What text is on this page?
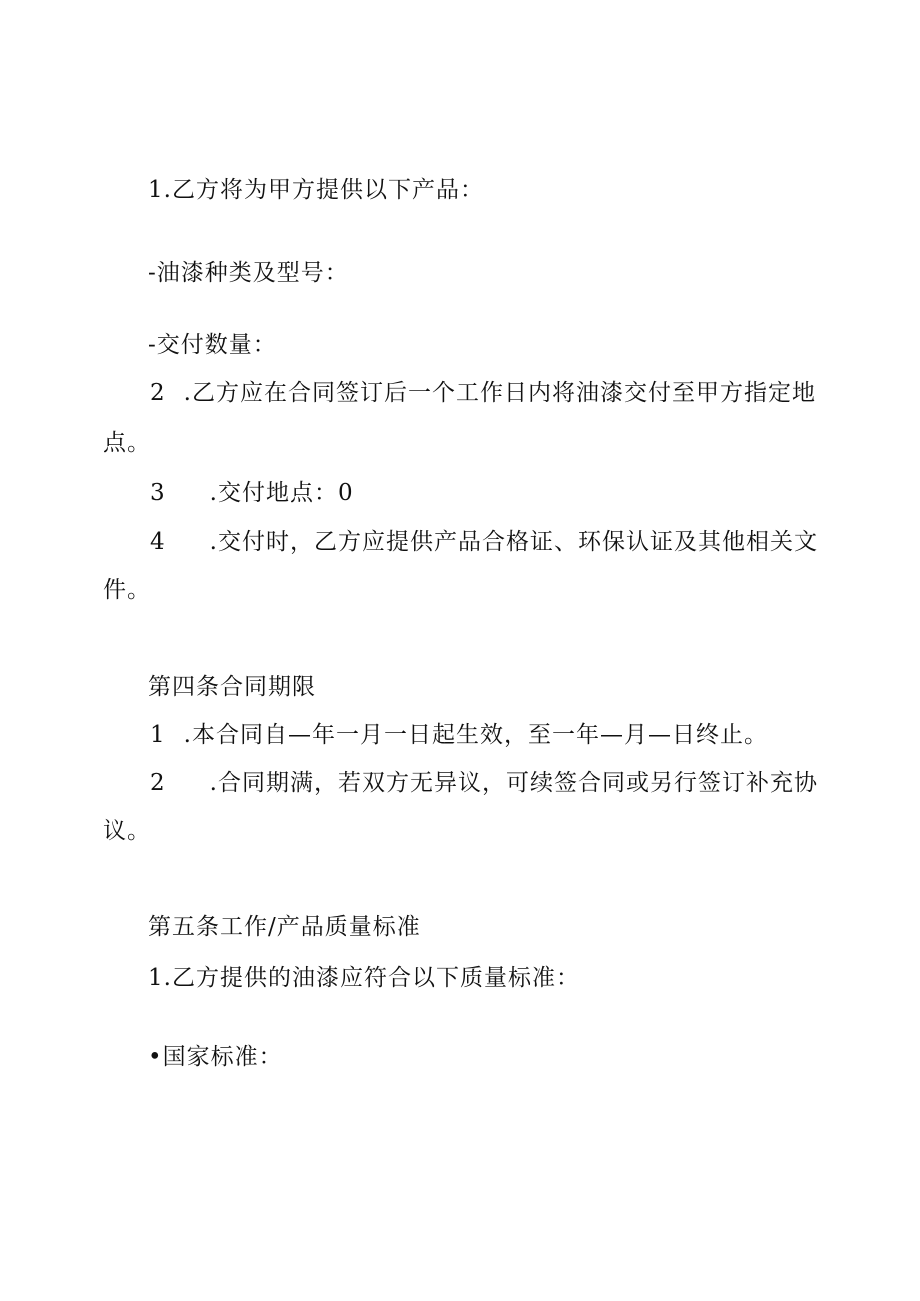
1.乙方将为甲方提供以下产品：
-油漆种类及型号：
-交付数量：
2 .乙方应在合同签订后一个工作日内将油漆交付至甲方指定地
点。
3 .交付地点：0
4 .交付时，乙方应提供产品合格证、环保认证及其他相关文
件。
第四条合同期限
1 .本合同自—年一月一日起生效，至一年—月—日终止。
2 .合同期满，若双方无异议，可续签合同或另行签订补充协
议。
第五条工作/产品质量标准
1.乙方提供的油漆应符合以下质量标准：
•国家标准：
